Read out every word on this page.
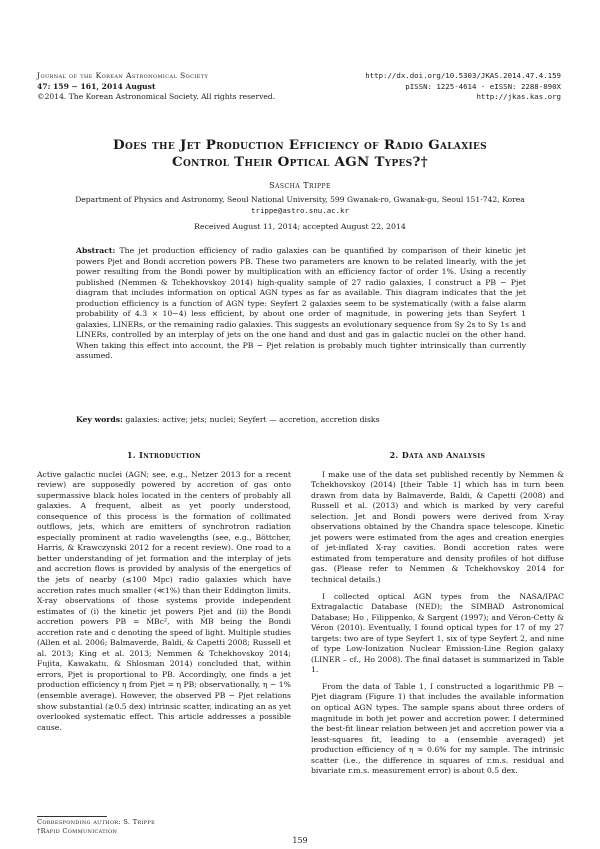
Journal of the Korean Astronomical Society
47: 159 ∼ 161, 2014 August
©2014. The Korean Astronomical Society. All rights reserved.
http://dx.doi.org/10.5303/JKAS.2014.47.4.159
pISSN: 1225-4614 · eISSN: 2288-890X
http://jkas.kas.org
Does the Jet Production Efficiency of Radio Galaxies
Control Their Optical AGN Types?†
Sascha Trippe
Department of Physics and Astronomy, Seoul National University, 599 Gwanak-ro, Gwanak-gu, Seoul 151-742, Korea
trippe@astro.snu.ac.kr
Received August 11, 2014; accepted August 22, 2014
Abstract: The jet production efficiency of radio galaxies can be quantified by comparison of their kinetic jet powers Pjet and Bondi accretion powers PB. These two parameters are known to be related linearly, with the jet power resulting from the Bondi power by multiplication with an efficiency factor of order 1%. Using a recently published (Nemmen & Tchekhovskoy 2014) high-quality sample of 27 radio galaxies, I construct a PB − Pjet diagram that includes information on optical AGN types as far as available. This diagram indicates that the jet production efficiency is a function of AGN type: Seyfert 2 galaxies seem to be systematically (with a false alarm probability of 4.3 × 10−4) less efficient, by about one order of magnitude, in powering jets than Seyfert 1 galaxies, LINERs, or the remaining radio galaxies. This suggests an evolutionary sequence from Sy 2s to Sy 1s and LINERs, controlled by an interplay of jets on the one hand and dust and gas in galactic nuclei on the other hand. When taking this effect into account, the PB − Pjet relation is probably much tighter intrinsically than currently assumed.
Key words: galaxies: active; jets; nuclei; Seyfert — accretion, accretion disks
1. Introduction

Active galactic nuclei (AGN; see, e.g., Netzer 2013 for a recent review) are supposedly powered by accretion of gas onto supermassive black holes located in the centers of probably all galaxies. A frequent, albeit as yet poorly understood, consequence of this process is the formation of collimated outflows, jets, which are emitters of synchrotron radiation especially prominent at radio wavelengths (see, e.g., Böttcher, Harris, & Krawczynski 2012 for a recent review). One road to a better understanding of jet formation and the interplay of jets and accretion flows is provided by analysis of the energetics of the jets of nearby (≲100 Mpc) radio galaxies which have accretion rates much smaller (≪1%) than their Eddington limits. X-ray observations of those systems provide independent estimates of (i) the kinetic jet powers Pjet and (ii) the Bondi accretion powers PB = ṀBc², with ṀB being the Bondi accretion rate and c denoting the speed of light. Multiple studies (Allen et al. 2006; Balmaverde, Baldi, & Capetti 2008; Russell et al. 2013; King et al. 2013; Nemmen & Tchekhovskoy 2014; Fujita, Kawakatu, & Shlosman 2014) concluded that, within errors, Pjet is proportional to PB. Accordingly, one finds a jet production efficiency η from Pjet = η PB; observationally, η ∼ 1% (ensemble average). However, the observed PB − Pjet relations show substantial (≳0.5 dex) intrinsic scatter, indicating an as yet overlooked systematic effect. This article addresses a possible cause.

2. Data and Analysis

I make use of the data set published recently by Nemmen & Tchekhovskoy (2014) [their Table 1] which has in turn been drawn from data by Balmaverde, Baldi, & Capetti (2008) and Russell et al. (2013) and which is marked by very careful selection. Jet and Bondi powers were derived from X-ray observations obtained by the Chandra space telescope. Kinetic jet powers were estimated from the ages and creation energies of jet-inflated X-ray cavities. Bondi accretion rates were estimated from temperature and density profiles of hot diffuse gas. (Please refer to Nemmen & Tchekhovskoy 2014 for technical details.)

I collected optical AGN types from the NASA/IPAC Extragalactic Database (NED); the SIMBAD Astronomical Database; Ho , Filippenko, & Sargent (1997); and Véron-Cetty & Véron (2010). Eventually, I found optical types for 17 of my 27 targets: two are of type Seyfert 1, six of type Seyfert 2, and nine of type Low-Ionization Nuclear Emission-Line Region galaxy (LINER – cf., Ho 2008). The final dataset is summarized in Table 1.

From the data of Table 1, I constructed a logarithmic PB − Pjet diagram (Figure 1) that includes the available information on optical AGN types. The sample spans about three orders of magnitude in both jet power and accretion power. I determined the best-fit linear relation between jet and accretion power via a least-squares fit, leading to a (ensemble averaged) jet production efficiency of η ≈ 0.6% for my sample. The intrinsic scatter (i.e., the difference in squares of r.m.s. residual and bivariate r.m.s. measurement error) is about 0.5 dex.

Corresponding author: S. Trippe
†Rapid Communication
159
